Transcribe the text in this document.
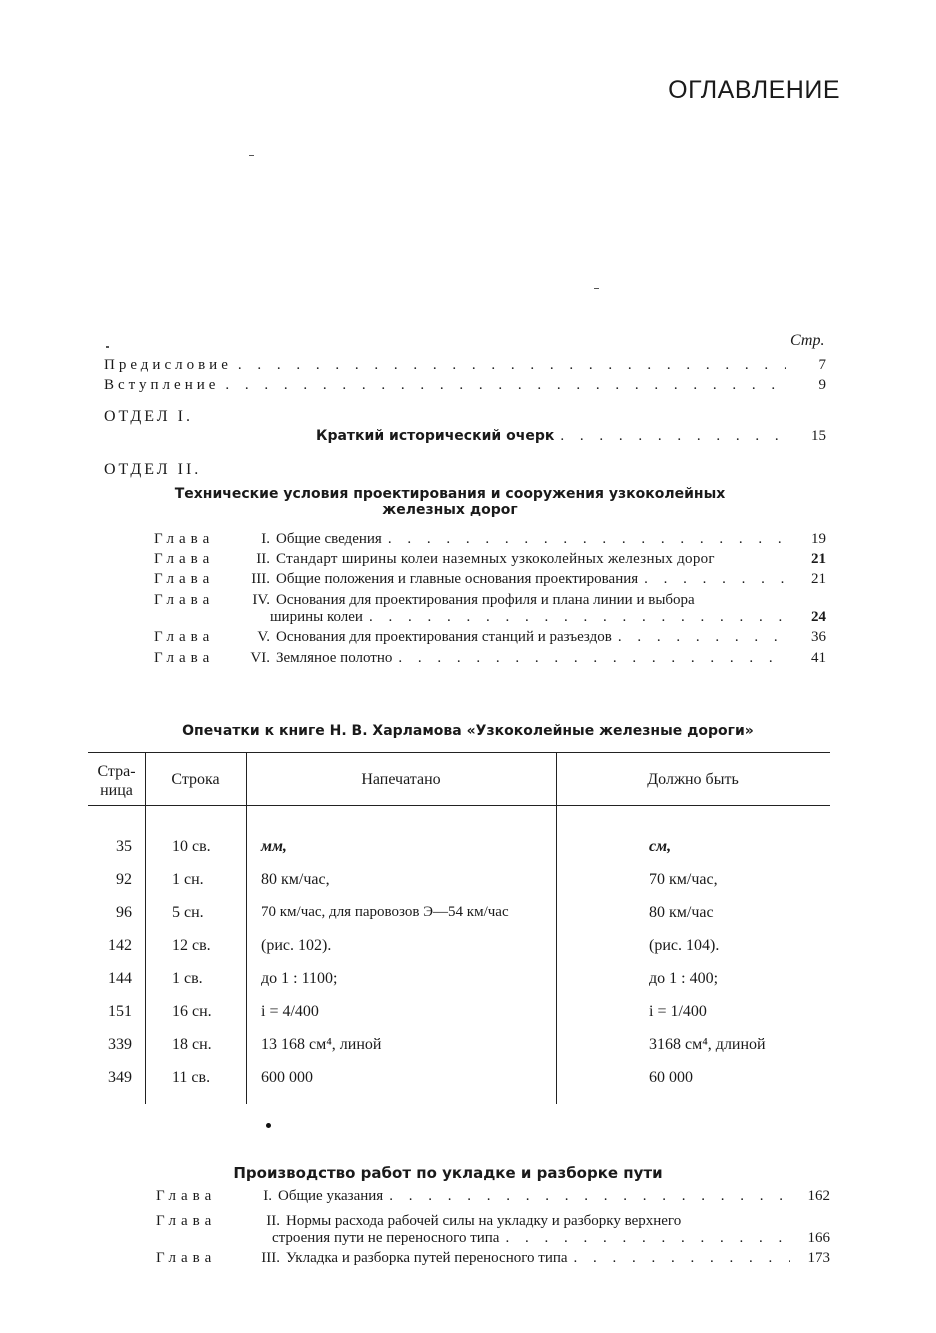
ОГЛАВЛЕНИЕ
Стр.
Предисловие . . .	7
Вступление . . .	9
ОТДЕЛ I.
Краткий исторический очерк . . .	15
ОТДЕЛ II.
Технические условия проектирования и сооружения узкоколейных
железных дорог
Глава	I. Общие сведения . . .	19
Глава	II. Стандарт ширины колеи наземных узкоколейных железных дорог	21
Глава III. Общие положения и главные основания проектирования . . .	21
Глава	IV. Основания для проектирования профиля и плана линии и выбора
ширины колеи . . .	24
Глава	V. Основания для проектирования станций и разъездов . . .	36
Глава VI. Земляное полотно . . .	41
Опечатки к книге Н. В. Харламова «Узкоколейные железные дороги»
Стра-
ница
Строка	Напечатано	Должно быть
35	10 св.	мм,	см,
92	1 сн.	80 км/час,	70 км/час,
96	5 сн.	70 км/час, для паровозов Э—54 км/час	80 км/час
142	12 св.	(рис. 102).	(рис. 104).
144	1 св.	до 1 : 1100;	до 1 : 400;
151	16 сн.	i = 4/400	i = 1/400
339	18 сн.	13 168 см⁴, линой	3168 см⁴, длиной
349	11 св.	600 000	60 000
Производство работ по укладке и разборке пути
Глава	I. Общие указания . . .	162
Глава	II. Нормы расхода рабочей силы на укладку и разборку верхнего
строения пути не переносного типа . . .	166
Глава	III. Укладка и разборка путей переносного типа . . .	173
